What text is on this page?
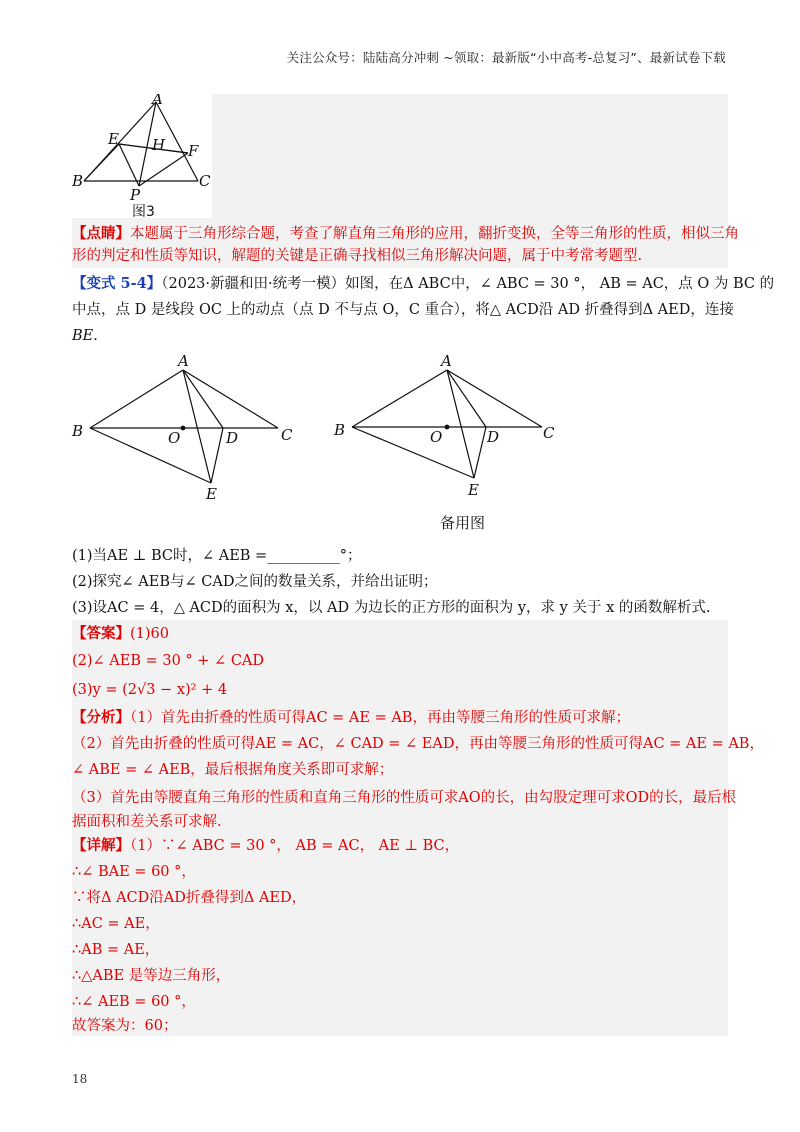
关注公众号：陆陆高分冲刺 ~领取：最新版“小中高考-总复习”、最新试卷下载
A
E H F
B
P
C
图3
【点睛】本题属于三角形综合题，考查了解直角三角形的应用，翻折变换，全等三角形的性质，相似三角
形的判定和性质等知识，解题的关键是正确寻找相似三角形解决问题，属于中考常考题型.
【变式 5-4】（2023·新疆和田·统考一模）如图，在Δ ABC中，∠ ABC = 30 °， AB = AC，点 O 为 BC 的
中点，点 D 是线段 OC 上的动点（点 D 不与点 O，C 重合），将△ ACD沿 AD 折叠得到Δ AED，连接
BE.
A
B	O	D	C
E
A
B	O	D	C
E
备用图
(1)当AE ⊥ BC时，∠ AEB =__________°；
(2)探究∠ AEB与∠ CAD之间的数量关系，并给出证明；
(3)设AC = 4，△ ACD的面积为 x，以 AD 为边长的正方形的面积为 y，求 y 关于 x 的函数解析式.
【答案】(1)60
(2)∠ AEB = 30 ° + ∠ CAD
(3)y = (2√3 − x)² + 4
【分析】（1）首先由折叠的性质可得AC = AE = AB，再由等腰三角形的性质可求解；
（2）首先由折叠的性质可得AE = AC，∠ CAD = ∠ EAD，再由等腰三角形的性质可得AC = AE = AB，
∠ ABE = ∠ AEB，最后根据角度关系即可求解；
（3）首先由等腰直角三角形的性质和直角三角形的性质可求AO的长，由勾股定理可求OD的长，最后根
据面积和差关系可求解.
【详解】（1）∵∠ ABC = 30 °， AB = AC， AE ⊥ BC，
∴∠ BAE = 60 °，
∵将Δ ACD沿AD折叠得到Δ AED，
∴AC = AE，
∴AB = AE，
∴△ABE 是等边三角形，
∴∠ AEB = 60 °，
故答案为：60；
18
